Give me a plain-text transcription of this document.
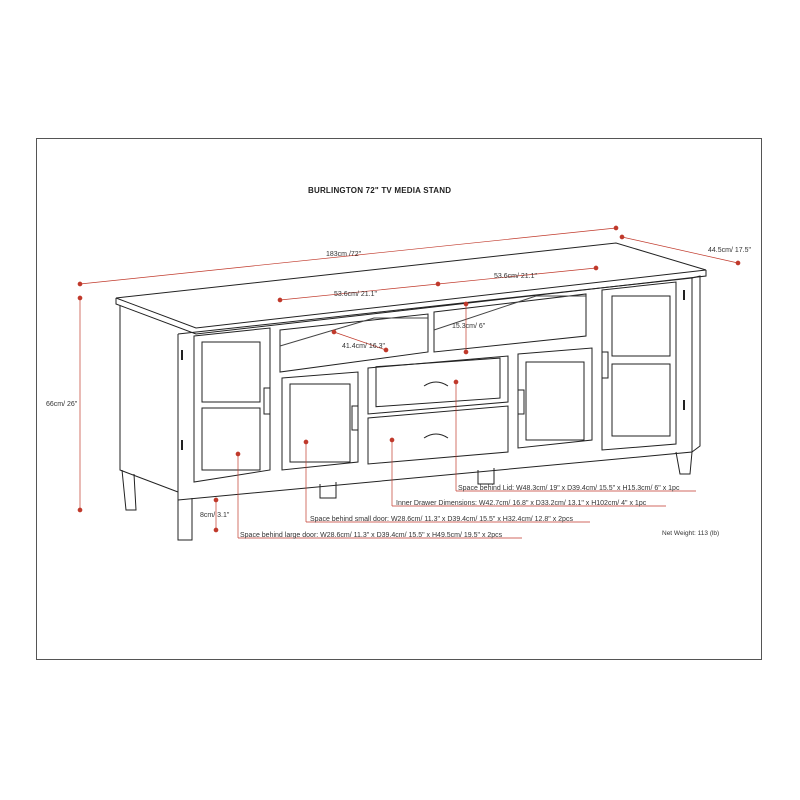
BURLINGTON 72" TV MEDIA STAND
183cm /72"
44.5cm/ 17.5"
66cm/ 26"
8cm/ 3.1"
53.6cm/ 21.1"
53.6cm/ 21.1"
41.4cm/ 16.3"
15.3cm/ 6"
Space behind Lid: W48.3cm/ 19" x D39.4cm/ 15.5" x H15.3cm/ 6" x 1pc
Inner Drawer Dimensions: W42.7cm/ 16.8" x D33.2cm/ 13.1" x H102cm/ 4" x 1pc
Space behind small door: W28.6cm/ 11.3" x D39.4cm/ 15.5" x H32.4cm/ 12.8" x 2pcs
Space behind large door: W28.6cm/ 11.3" x D39.4cm/ 15.5" x H49.5cm/ 19.5" x 2pcs	Net Weight: 113 (lb)
